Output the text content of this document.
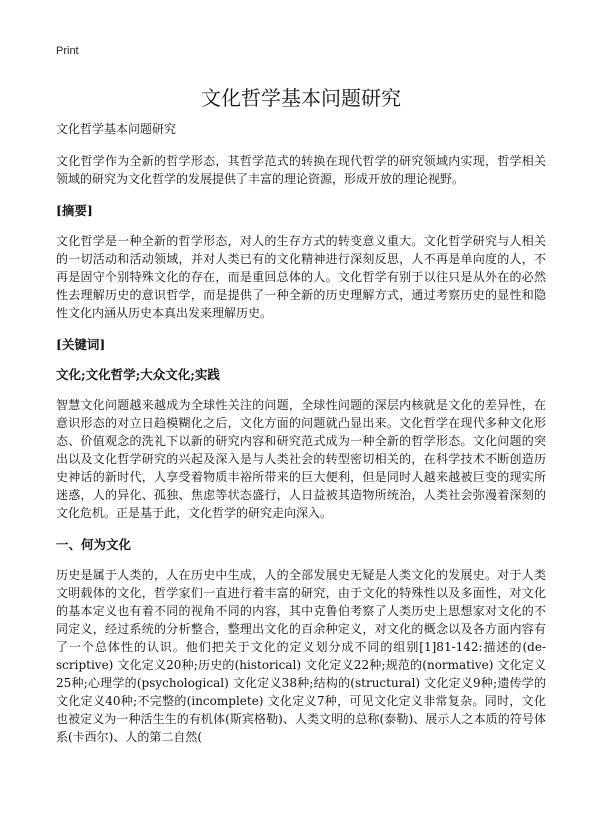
Print
文化哲学基本问题研究

文化哲学基本问题研究

文化哲学作为全新的哲学形态，其哲学范式的转换在现代哲学的研究领域内实现，哲学相关领域的研究为文化哲学的发展提供了丰富的理论资源，形成开放的理论视野。

[摘要]

文化哲学是一种全新的哲学形态，对人的生存方式的转变意义重大。文化哲学研究与人相关的一切活动和活动领域，并对人类已有的文化精神进行深刻反思，人不再是单向度的人，不再是固守个别特殊文化的存在，而是重回总体的人。文化哲学有别于以往只是从外在的必然性去理解历史的意识哲学，而是提供了一种全新的历史理解方式，通过考察历史的显性和隐性文化内涵从历史本真出发来理解历史。

[关键词]
文化;文化哲学;大众文化;实践

智慧文化问题越来越成为全球性关注的问题，全球性问题的深层内核就是文化的差异性，在意识形态的对立日趋模糊化之后，文化方面的问题就凸显出来。文化哲学在现代多种文化形态、价值观念的洗礼下以新的研究内容和研究范式成为一种全新的哲学形态。文化问题的突出以及文化哲学研究的兴起及深入是与人类社会的转型密切相关的，在科学技术不断创造历史神话的新时代，人享受着物质丰裕所带来的巨大便利，但是同时人越来越被巨变的现实所迷惑，人的异化、孤独、焦虑等状态盛行，人日益被其造物所统治，人类社会弥漫着深刻的文化危机。正是基于此，文化哲学的研究走向深入。

一、何为文化

历史是属于人类的，人在历史中生成，人的全部发展史无疑是人类文化的发展史。对于人类文明载体的文化，哲学家们一直进行着丰富的研究，由于文化的特殊性以及多面性，对文化的基本定义也有着不同的视角不同的内容，其中克鲁伯考察了人类历史上思想家对文化的不同定义，经过系统的分析整合，整理出文化的百余种定义，对文化的概念以及各方面内容有了一个总体性的认识。他们把关于文化的定义划分成不同的组别[1]81-142:描述的(de-scriptive) 文化定义20种;历史的(historical) 文化定义22种;规范的(normative) 文化定义25种;心理学的(psychological) 文化定义38种;结构的(structural) 文化定义9种;遗传学的文化定义40种;不完整的(incomplete) 文化定义7种，可见文化定义非常复杂。同时，文化也被定义为一种活生生的有机体(斯宾格勒)、人类文明的总称(泰勒)、展示人之本质的符号体系(卡西尔)、人的第二自然(
